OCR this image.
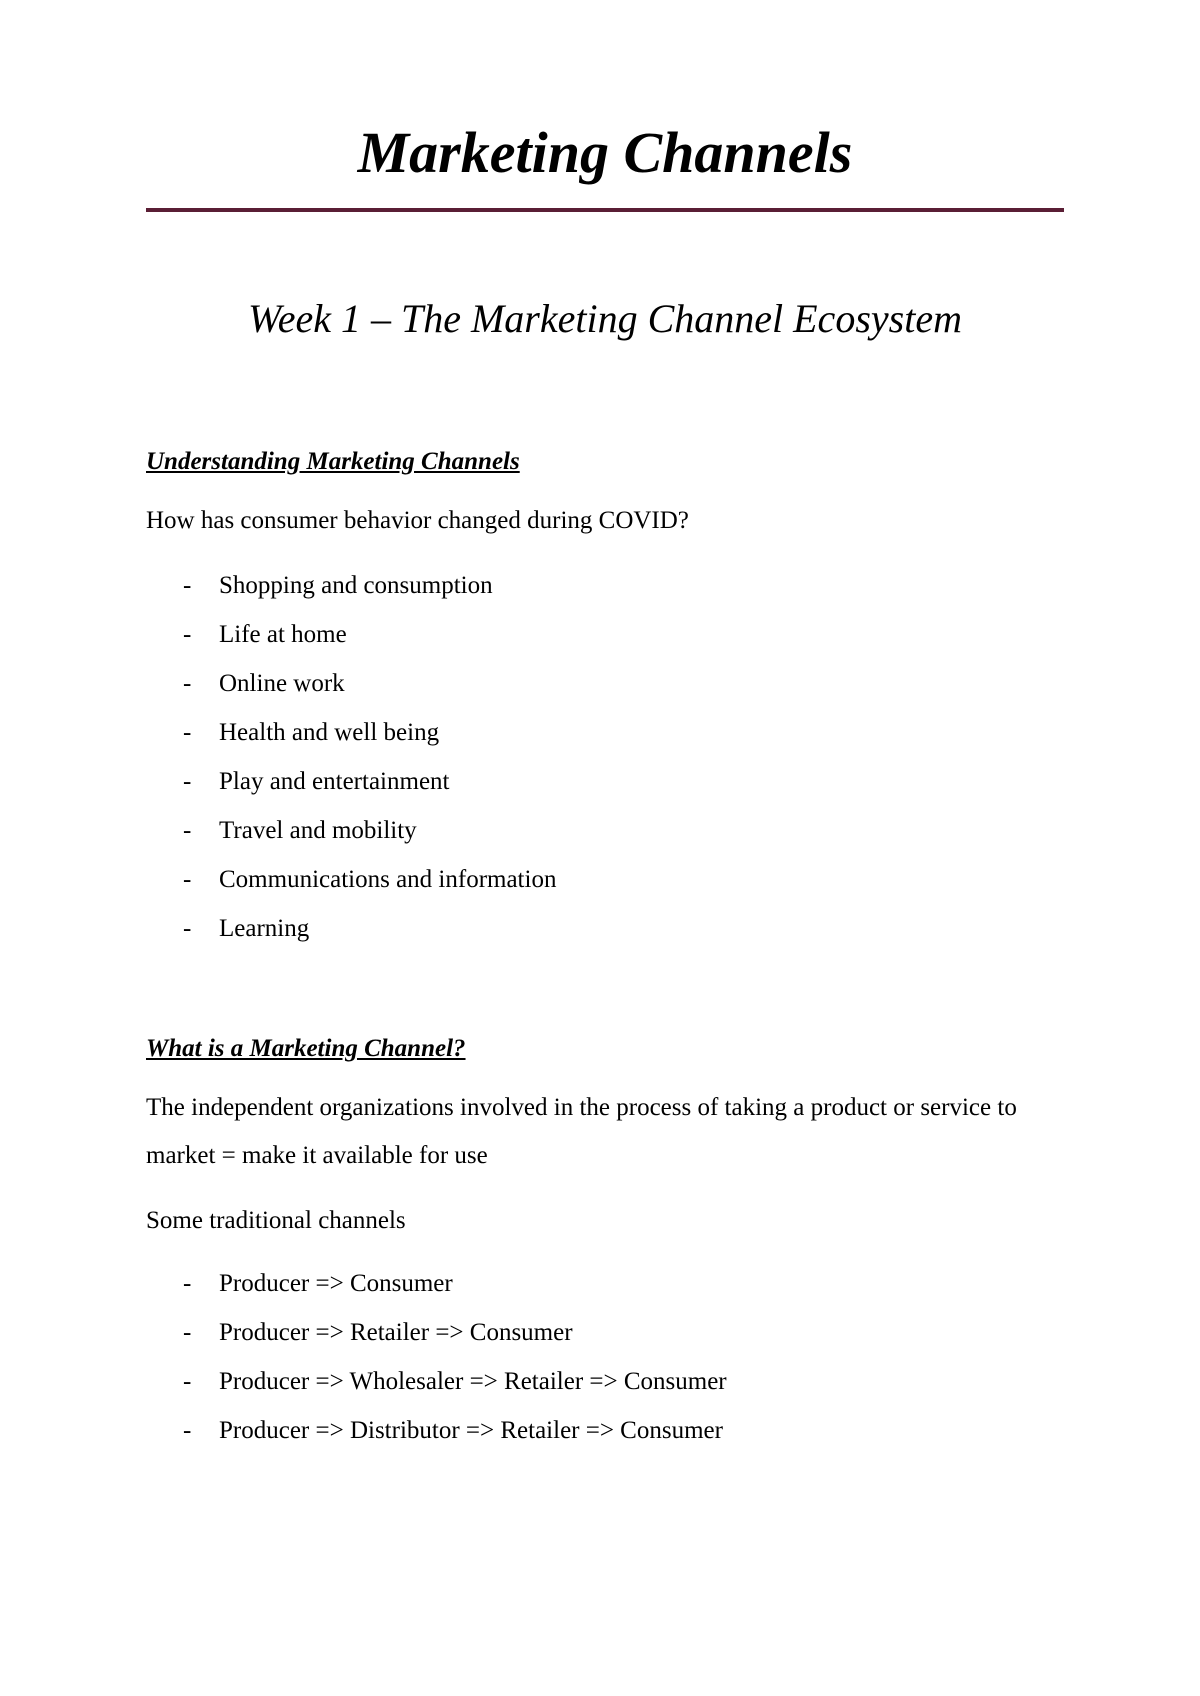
Marketing Channels
Week 1 – The Marketing Channel Ecosystem
Understanding Marketing Channels

How has consumer behavior changed during COVID?

- Shopping and consumption
- Life at home
- Online work
- Health and well being
- Play and entertainment
- Travel and mobility
- Communications and information
- Learning
What is a Marketing Channel?

The independent organizations involved in the process of taking a product or service to market = make it available for use

Some traditional channels

- Producer => Consumer
- Producer => Retailer => Consumer
- Producer => Wholesaler => Retailer => Consumer
- Producer => Distributor => Retailer => Consumer
